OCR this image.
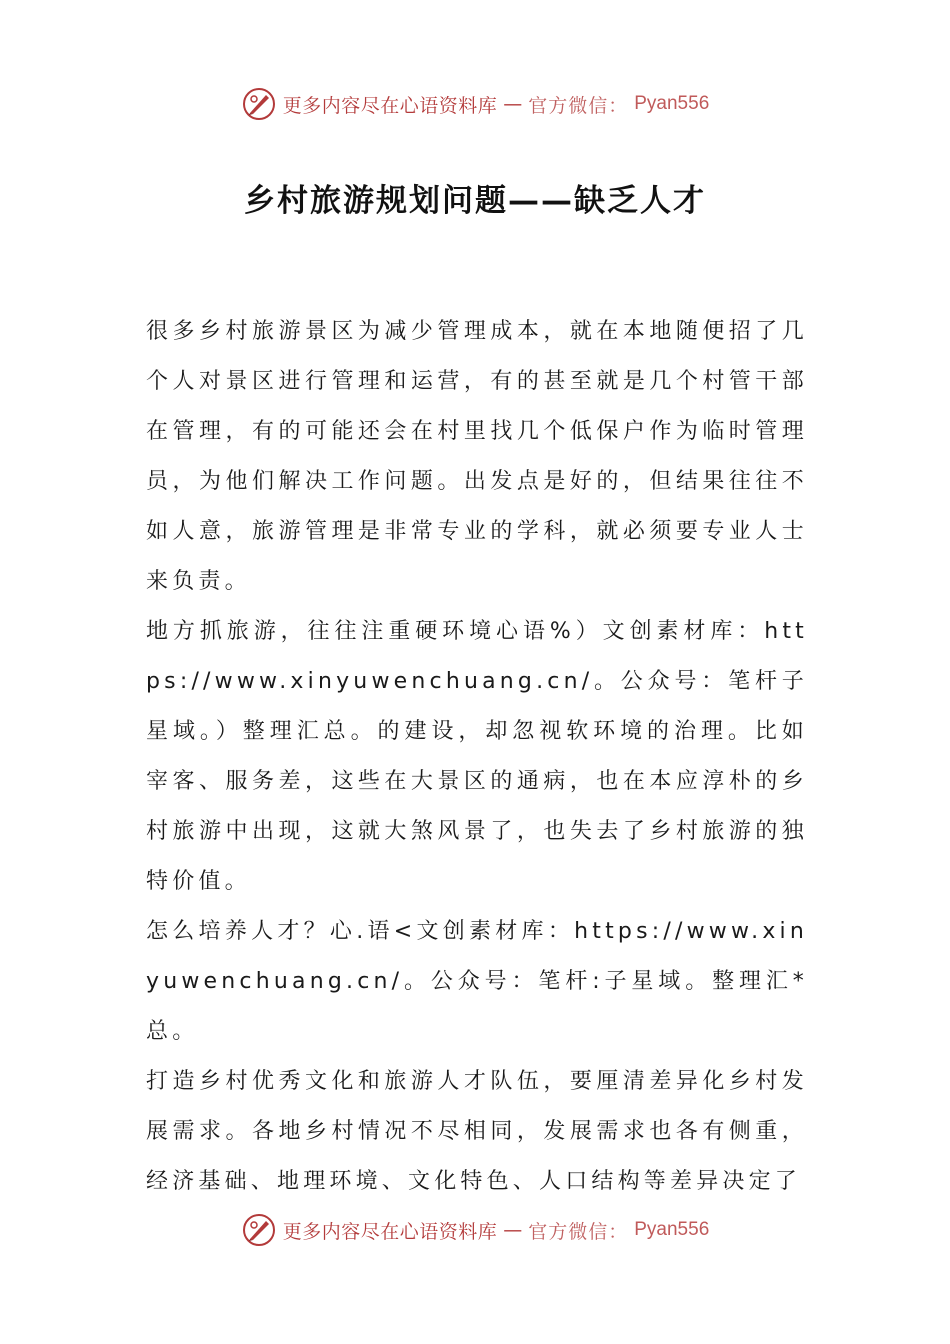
更多内容尽在心语资料库 — 官方微信： Pyan556
乡村旅游规划问题——缺乏人才

很多乡村旅游景区为减少管理成本，就在本地随便招了几个人对景区进行管理和运营，有的甚至就是几个村管干部在管理，有的可能还会在村里找几个低保户作为临时管理员，为他们解决工作问题。出发点是好的，但结果往往不如人意，旅游管理是非常专业的学科，就必须要专业人士来负责。

地方抓旅游，往往注重硬环境心语%）文创素材库：https://www.xinyuwenchuang.cn/。公众号：笔杆子星域。）整理汇总。的建设，却忽视软环境的治理。比如宰客、服务差，这些在大景区的通病，也在本应淳朴的乡村旅游中出现，这就大煞风景了，也失去了乡村旅游的独特价值。

怎么培养人才？心.语<文创素材库：https://www.xinyuwenchuang.cn/。公众号：笔杆:子星域。整理汇*总。

打造乡村优秀文化和旅游人才队伍，要厘清差异化乡村发展需求。各地乡村情况不尽相同，发展需求也各有侧重，经济基础、地理环境、文化特色、人口结构等差异决定了

更多内容尽在心语资料库 — 官方微信： Pyan556
